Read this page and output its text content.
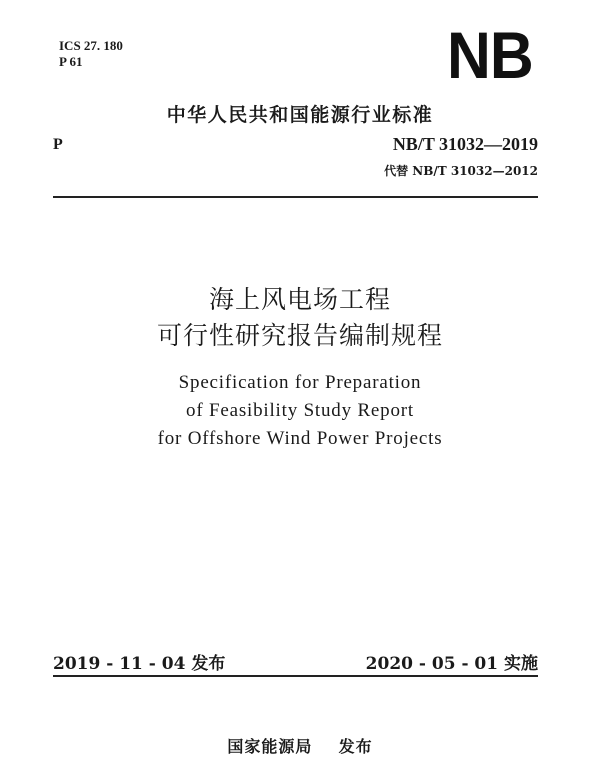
ICS 27. 180
P 61	NB
中华人民共和国能源行业标准
P	NB/T 31032—2019
代替 NB/T 31032—2012
海上风电场工程
可行性研究报告编制规程
Specification for Preparation
of Feasibility Study Report
for Offshore Wind Power Projects
2019 - 11 - 04 发布	2020 - 05 - 01 实施
国家能源局    发布
